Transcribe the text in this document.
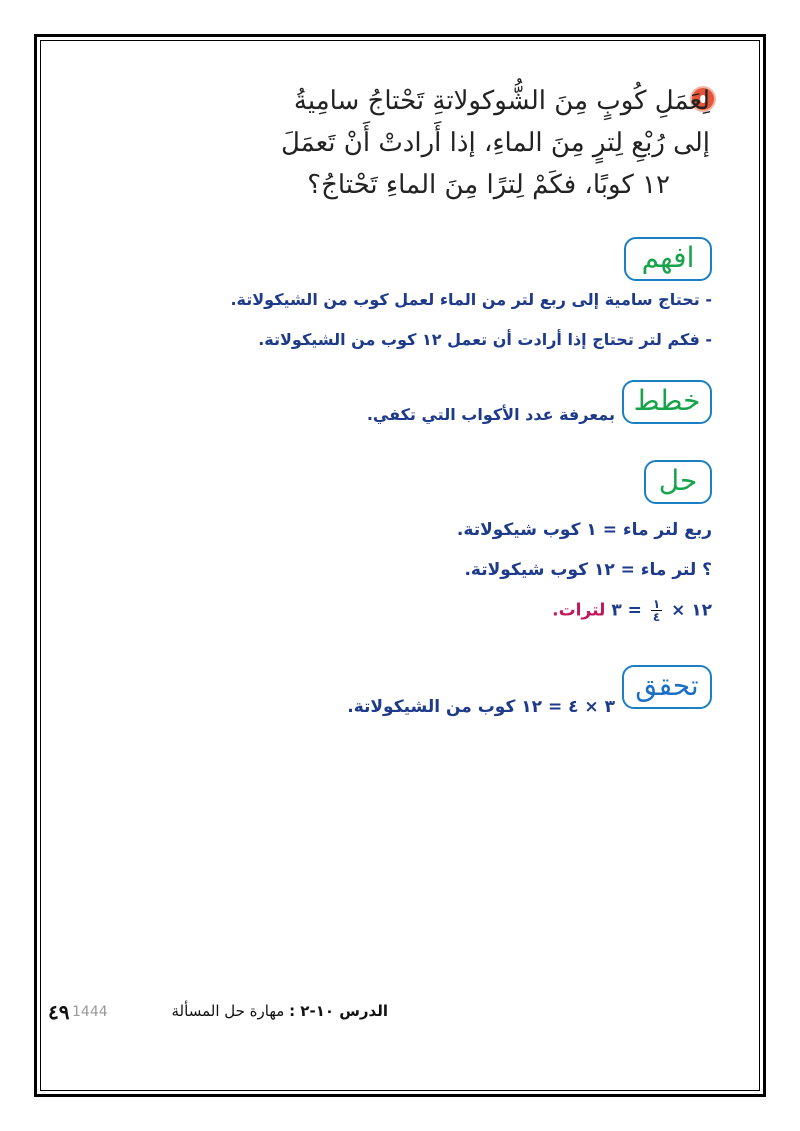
لِعَمَلِ كُوبٍ مِنَ الشُّوكولاتةِ تَحْتاجُ سامِيةُ
إلى رُبْعِ لِترٍ مِنَ الماءِ، إذا أَرادتْ أَنْ تَعمَلَ
١٢ كوبًا، فكَمْ لِترًا مِنَ الماءِ تَحْتاجُ؟
افهم
- تحتاج سامية إلى ربع لتر من الماء لعمل كوب من الشيكولاتة.
- فكم لتر تحتاج إذا أرادت أن تعمل ١٢ كوب من الشيكولاتة.
خطط
بمعرفة عدد الأكواب التي تكفي.
حل
ربع لتر ماء = ١ كوب شيكولاتة.
؟ لتر ماء = ١٢ كوب شيكولاتة.
١٢ ×
$\frac{١}{٤}$
= ٣ لترات.
تحقق
٣ × ٤ = ١٢ كوب من الشيكولاتة.
1444
٤٩	الدرس ١٠-٢ : مهارة حل المسألة
